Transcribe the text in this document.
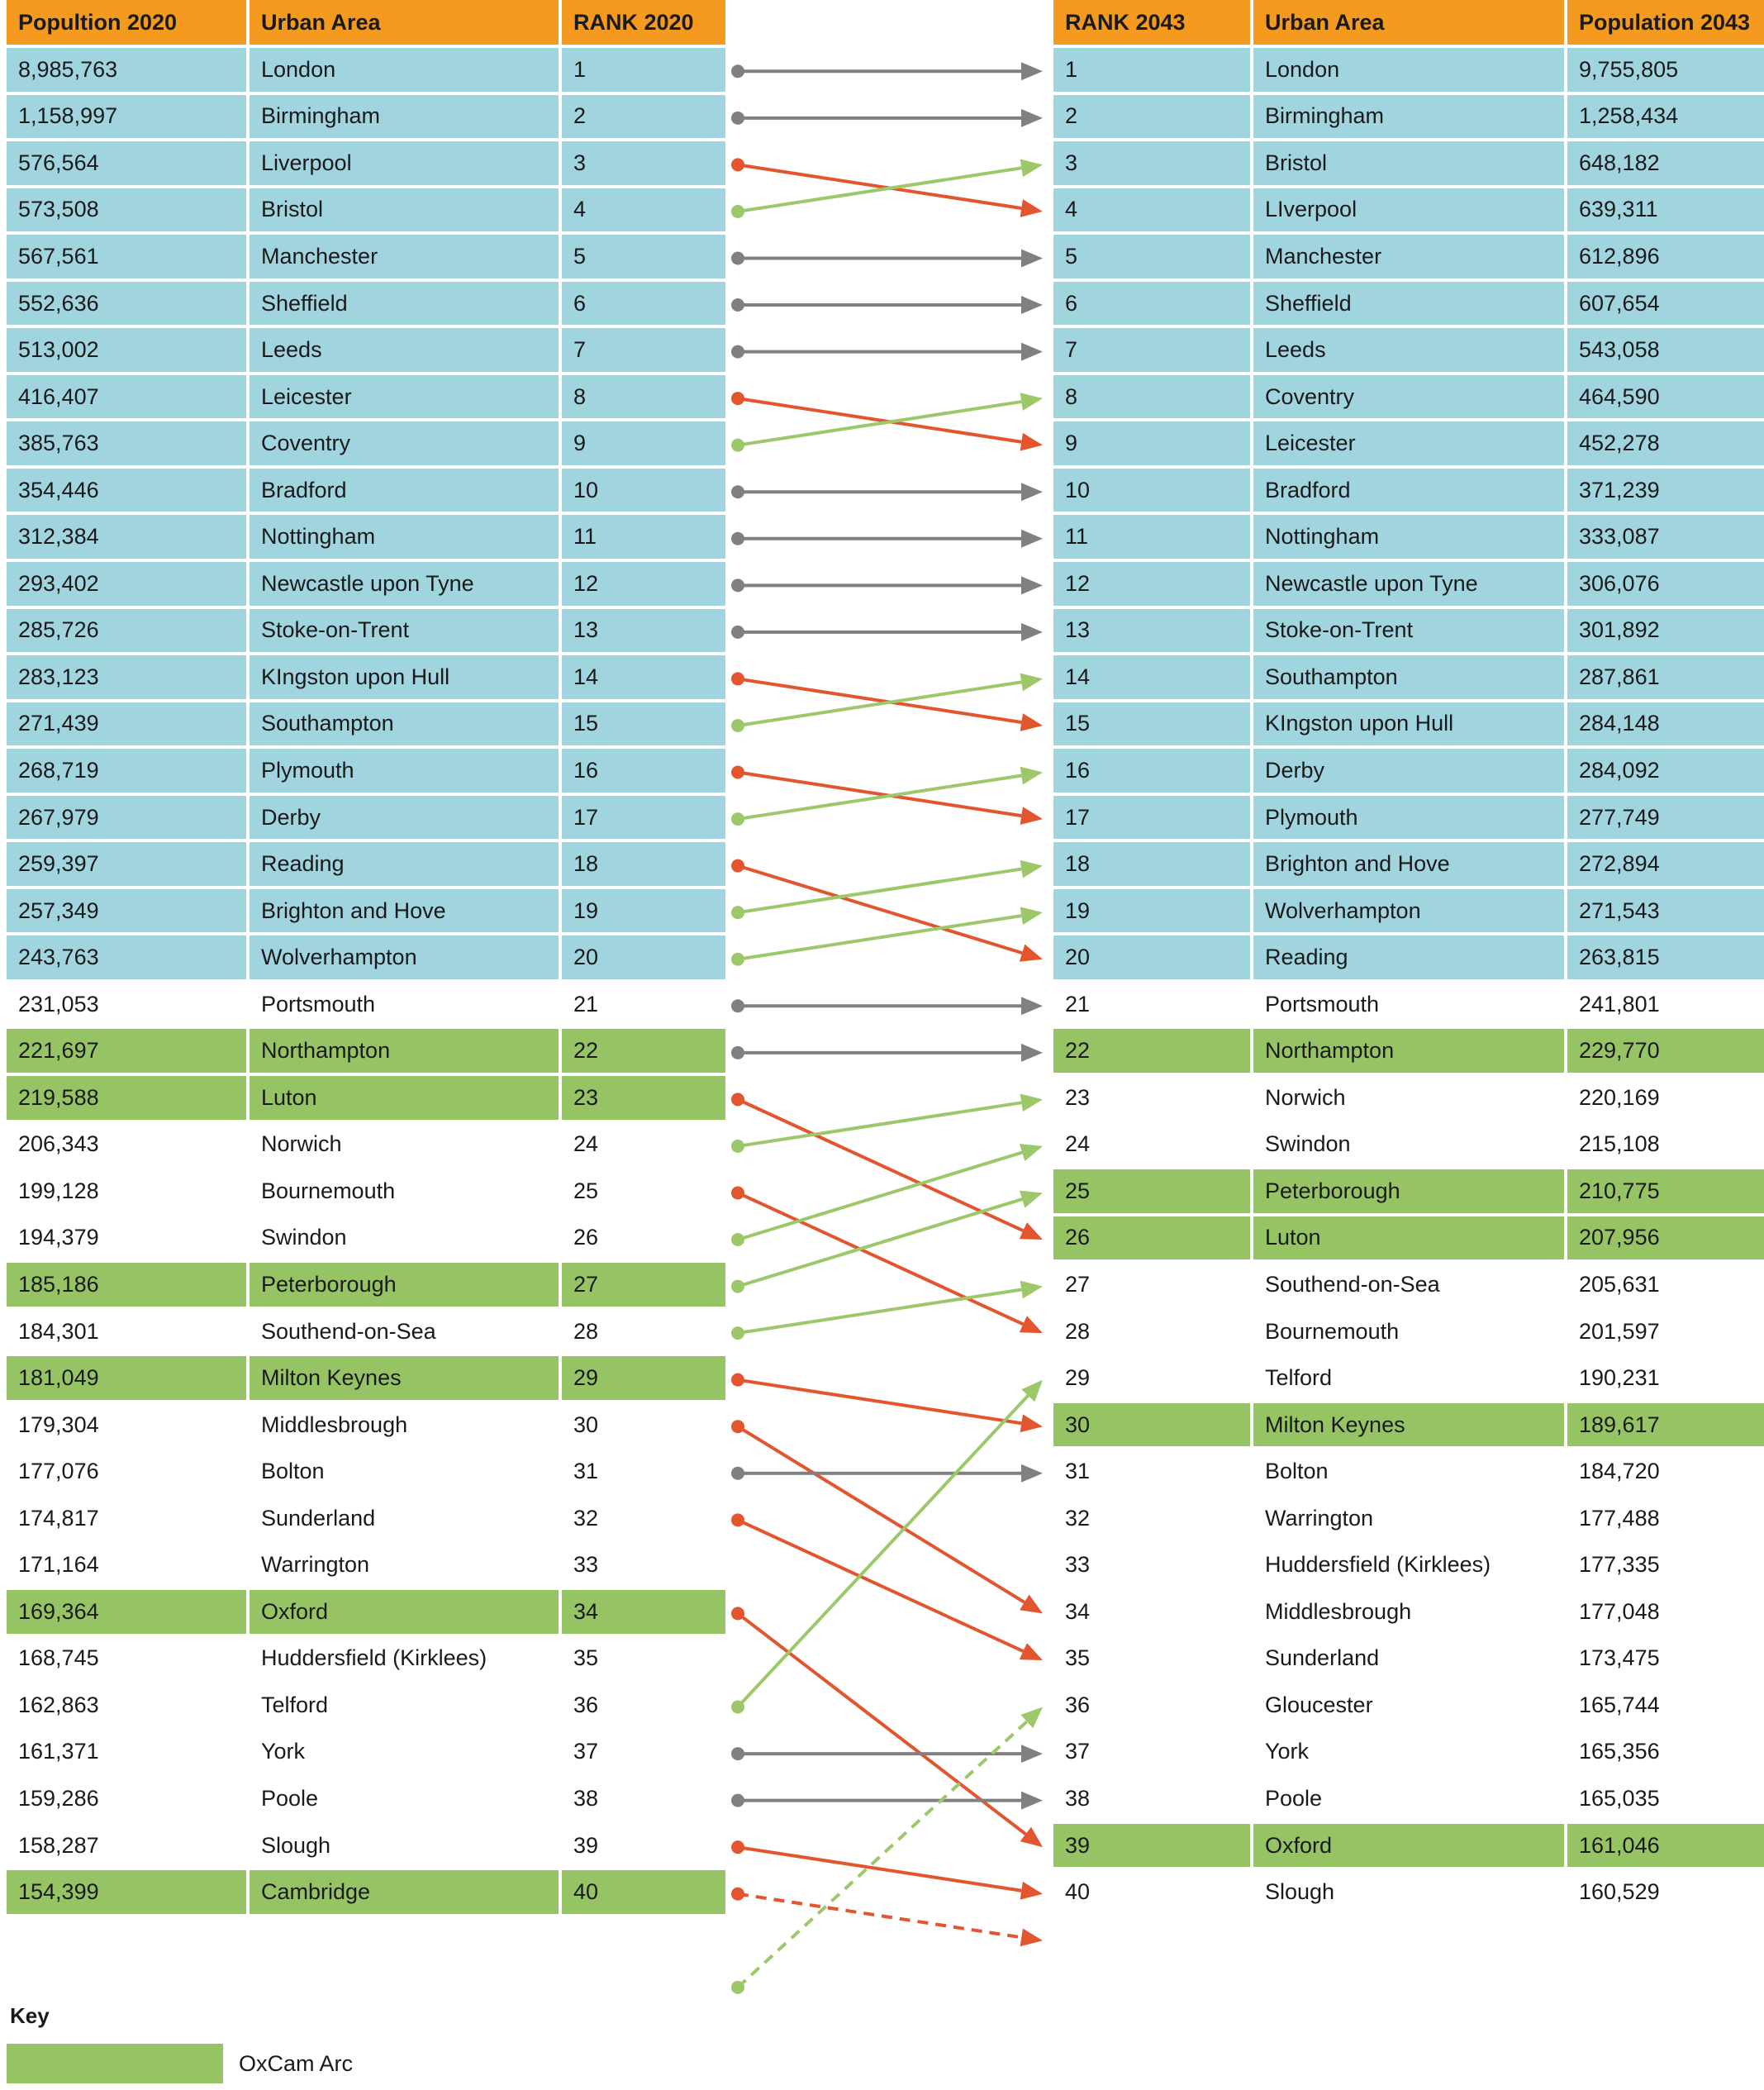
Popultion 2020	Urban Area	RANK 2020
8,985,763	London	1
1,158,997	Birmingham	2
576,564	Liverpool	3
573,508	Bristol	4
567,561	Manchester	5
552,636	Sheffield	6
513,002	Leeds	7
416,407	Leicester	8
385,763	Coventry	9
354,446	Bradford	10
312,384	Nottingham	11
293,402	Newcastle upon Tyne	12
285,726	Stoke-on-Trent	13
283,123	KIngston upon Hull	14
271,439	Southampton	15
268,719	Plymouth	16
267,979	Derby	17
259,397	Reading	18
257,349	Brighton and Hove	19
243,763	Wolverhampton	20
231,053	Portsmouth	21
221,697	Northampton	22
219,588	Luton	23
206,343	Norwich	24
199,128	Bournemouth	25
194,379	Swindon	26
185,186	Peterborough	27
184,301	Southend-on-Sea	28
181,049	Milton Keynes	29
179,304	Middlesbrough	30
177,076	Bolton	31
174,817	Sunderland	32
171,164	Warrington	33
169,364	Oxford	34
168,745	Huddersfield (Kirklees)	35
162,863	Telford	36
161,371	York	37
159,286	Poole	38
158,287	Slough	39
154,399	Cambridge	40
RANK 2043	Urban Area	Population 2043
1	London	9,755,805
2	Birmingham	1,258,434
3	Bristol	648,182
4	LIverpool	639,311
5	Manchester	612,896
6	Sheffield	607,654
7	Leeds	543,058
8	Coventry	464,590
9	Leicester	452,278
10	Bradford	371,239
11	Nottingham	333,087
12	Newcastle upon Tyne	306,076
13	Stoke-on-Trent	301,892
14	Southampton	287,861
15	KIngston upon Hull	284,148
16	Derby	284,092
17	Plymouth	277,749
18	Brighton and Hove	272,894
19	Wolverhampton	271,543
20	Reading	263,815
21	Portsmouth	241,801
22	Northampton	229,770
23	Norwich	220,169
24	Swindon	215,108
25	Peterborough	210,775
26	Luton	207,956
27	Southend-on-Sea	205,631
28	Bournemouth	201,597
29	Telford	190,231
30	Milton Keynes	189,617
31	Bolton	184,720
32	Warrington	177,488
33	Huddersfield (Kirklees)	177,335
34	Middlesbrough	177,048
35	Sunderland	173,475
36	Gloucester	165,744
37	York	165,356
38	Poole	165,035
39	Oxford	161,046
40	Slough	160,529
Key
OxCam Arc
